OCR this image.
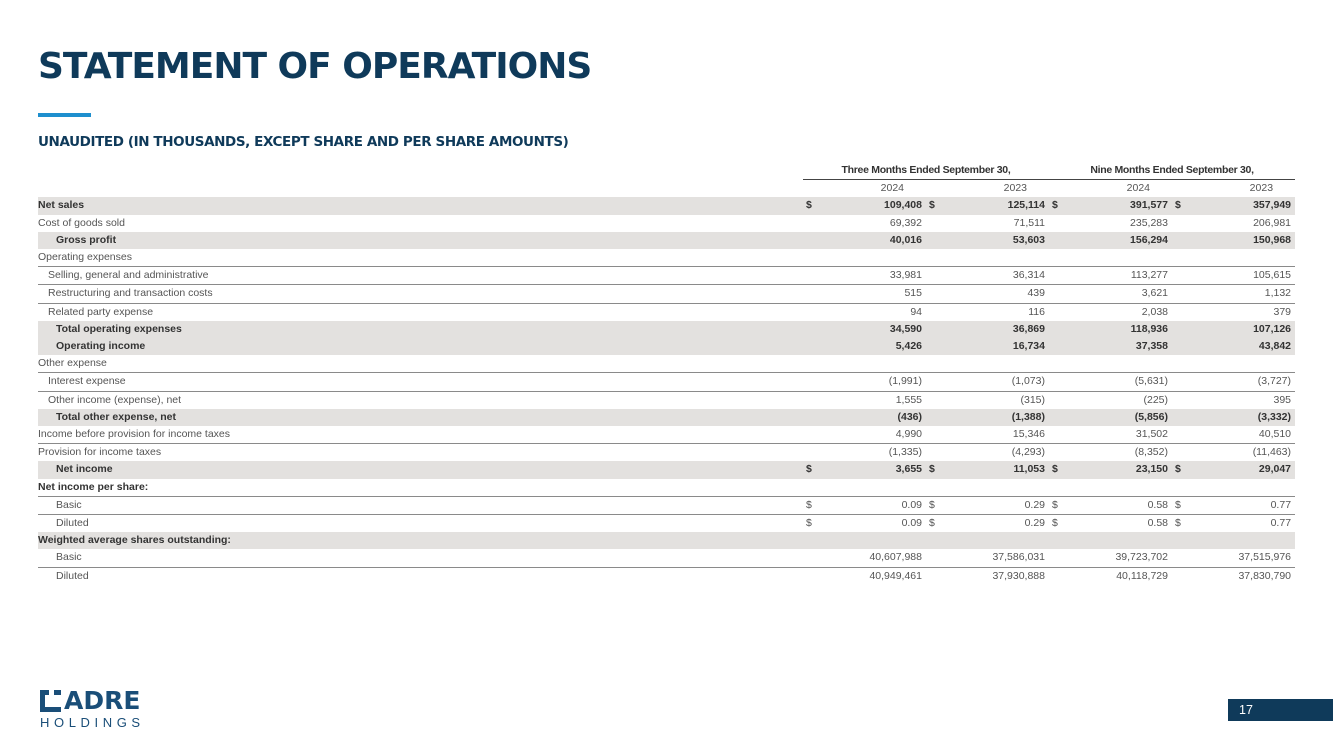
STATEMENT OF OPERATIONS
UNAUDITED (IN THOUSANDS, EXCEPT SHARE AND PER SHARE AMOUNTS)
	Three Months Ended September 30,				Nine Months Ended September 30,			
	2024		2023		2024		2023	
Net sales	$	109,408	$	125,114	$	391,577	$	357,949
Cost of goods sold		69,392		71,511		235,283		206,981
Gross profit		40,016		53,603		156,294		150,968
Operating expenses								
Selling, general and administrative		33,981		36,314		113,277		105,615
Restructuring and transaction costs		515		439		3,621		1,132
Related party expense		94		116		2,038		379
Total operating expenses		34,590		36,869		118,936		107,126
Operating income		5,426		16,734		37,358		43,842
Other expense								
Interest expense		(1,991)		(1,073)		(5,631)		(3,727)
Other income (expense), net		1,555		(315)		(225)		395
Total other expense, net		(436)		(1,388)		(5,856)		(3,332)
Income before provision for income taxes		4,990		15,346		31,502		40,510
Provision for income taxes		(1,335)		(4,293)		(8,352)		(11,463)
Net income	$	3,655	$	11,053	$	23,150	$	29,047
Net income per share:								
Basic	$	0.09	$	0.29	$	0.58	$	0.77
Diluted	$	0.09	$	0.29	$	0.58	$	0.77
Weighted average shares outstanding:								
Basic		40,607,988		37,586,031		39,723,702		37,515,976
Diluted		40,949,461		37,930,888		40,118,729		37,830,790
ADRE
HOLDINGS
17
